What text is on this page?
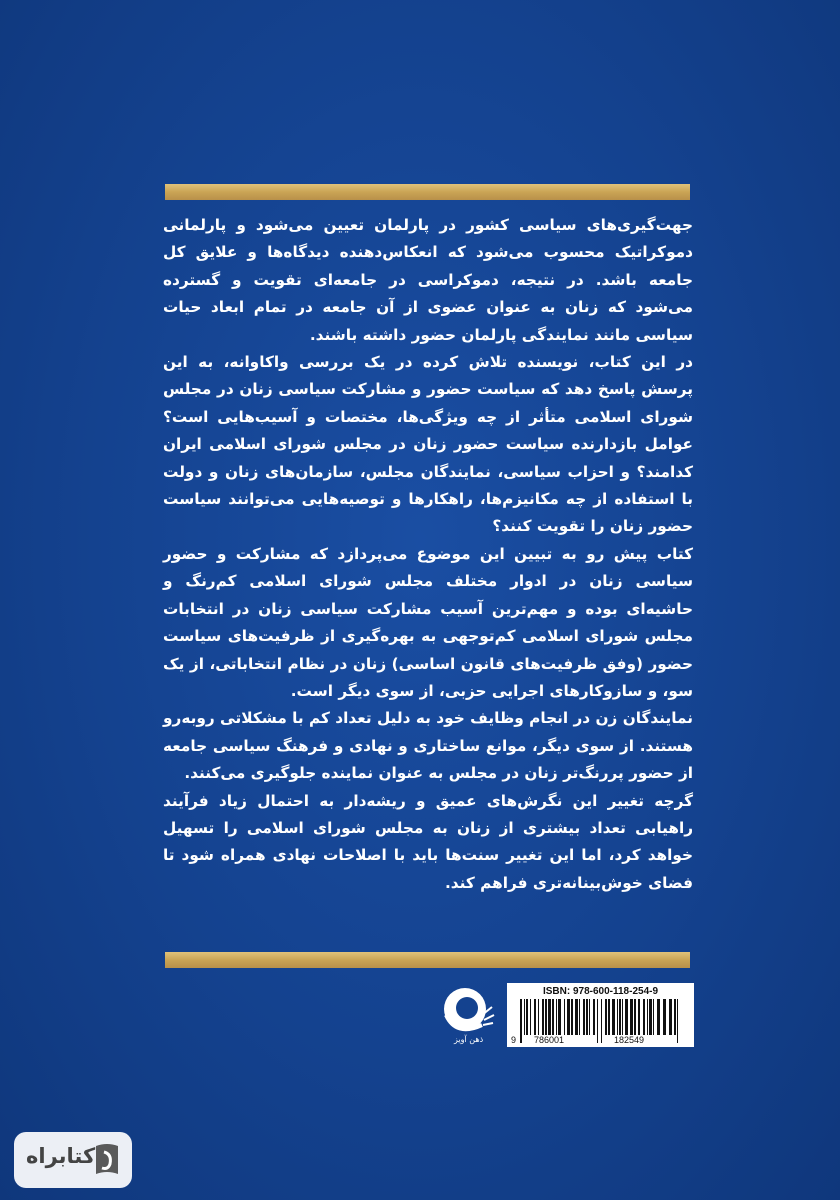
جهت‌گیری‌های سیاسی کشور در پارلمان تعیین می‌شود و پارلمانی دموکراتیک محسوب می‌شود که انعکاس‌دهنده دیدگاه‌ها و علایق کل جامعه باشد. در نتیجه، دموکراسی در جامعه‌ای تقویت و گسترده می‌شود که زنان به عنوان عضوی از آن جامعه در تمام ابعاد حیات سیاسی مانند نمایندگی پارلمان حضور داشته باشند.

در این کتاب، نویسنده تلاش کرده در یک بررسی واکاوانه، به این پرسش پاسخ دهد که سیاست حضور و مشارکت سیاسی زنان در مجلس شورای اسلامی متأثر از چه ویژگی‌ها، مختصات و آسیب‌هایی است؟ عوامل بازدارنده سیاست حضور زنان در مجلس شورای اسلامی ایران کدامند؟ و احزاب سیاسی، نمایندگان مجلس، سازمان‌های زنان و دولت با استفاده از چه مکانیزم‌ها، راهکارها و توصیه‌هایی می‌توانند سیاست حضور زنان را تقویت کنند؟

کتاب پیش رو به تبیین این موضوع می‌پردازد که مشارکت و حضور سیاسی زنان در ادوار مختلف مجلس شورای اسلامی کم‌رنگ و حاشیه‌ای بوده و مهم‌ترین آسیب مشارکت سیاسی زنان در انتخابات مجلس شورای اسلامی کم‌توجهی به بهره‌گیری از ظرفیت‌های سیاست حضور (وفق ظرفیت‌های قانون اساسی) زنان در نظام انتخاباتی، از یک سو، و سازوکارهای اجرایی حزبی، از سوی دیگر است.

نمایندگان زن در انجام وظایف خود به دلیل تعداد کم با مشکلاتی روبه‌رو هستند. از سوی دیگر، موانع ساختاری و نهادی و فرهنگ سیاسی جامعه از حضور پررنگ‌تر زنان در مجلس به عنوان نماینده جلوگیری می‌کنند.

گرچه تغییر این نگرش‌های عمیق و ریشه‌دار به احتمال زیاد فرآیند راهیابی تعداد بیشتری از زنان به مجلس شورای اسلامی را تسهیل خواهد کرد، اما این تغییر سنت‌ها باید با اصلاحات نهادی همراه شود تا فضای خوش‌بینانه‌تری فراهم کند.

ذهن آویز
ISBN: 978-600-118-254-9
9 786001	182549
کتابراه
